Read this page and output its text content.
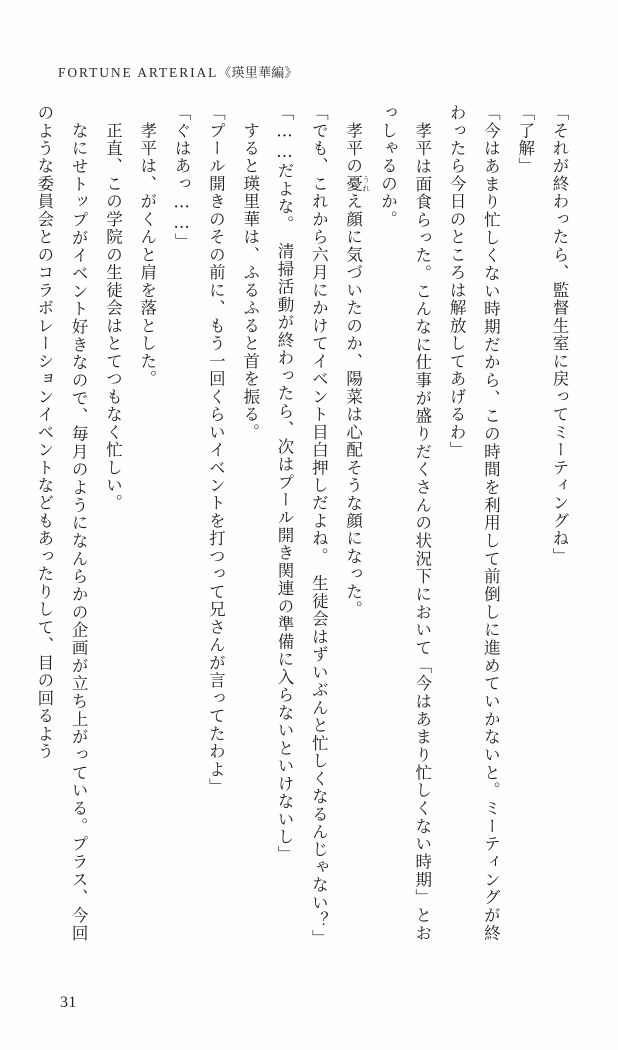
FORTUNE ARTERIAL《瑛里華編》

「それが終わったら、監督生室に戻ってミーティングね」

「了解」

「今はあまり忙しくない時期だから、この時間を利用して前倒しに進めていかないと。ミーティングが終わったら今日のところは解放してあげるわ」

　孝平は面食らった。こんなに仕事が盛りだくさんの状況下において「今はあまり忙しくない時期」とおっしゃるのか。

　孝平の憂 うれえ顔に気づいたのか、陽菜は心配そうな顔になった。

「でも、これから六月にかけてイベント目白押しだよね。　生徒会はずいぶんと忙しくなるんじゃない？」

「……だよな。　清掃活動が終わったら、次はプール開き関連の準備に入らないといけないし」

　すると瑛里華は、ふるふると首を振る。

「プール開きのその前に、もう一回くらいイベントを打つって兄さんが言ってたわよ」

「ぐはあっ……」

　孝平は、がくんと肩を落とした。

　正直、この学院の生徒会はとてつもなく忙しい。

　なにせトップがイベント好きなので、毎月のようになんらかの企画が立ち上がっている。プラス、今回のような委員会とのコラボレーションイベントなどもあったりして、目の回るよう

31
